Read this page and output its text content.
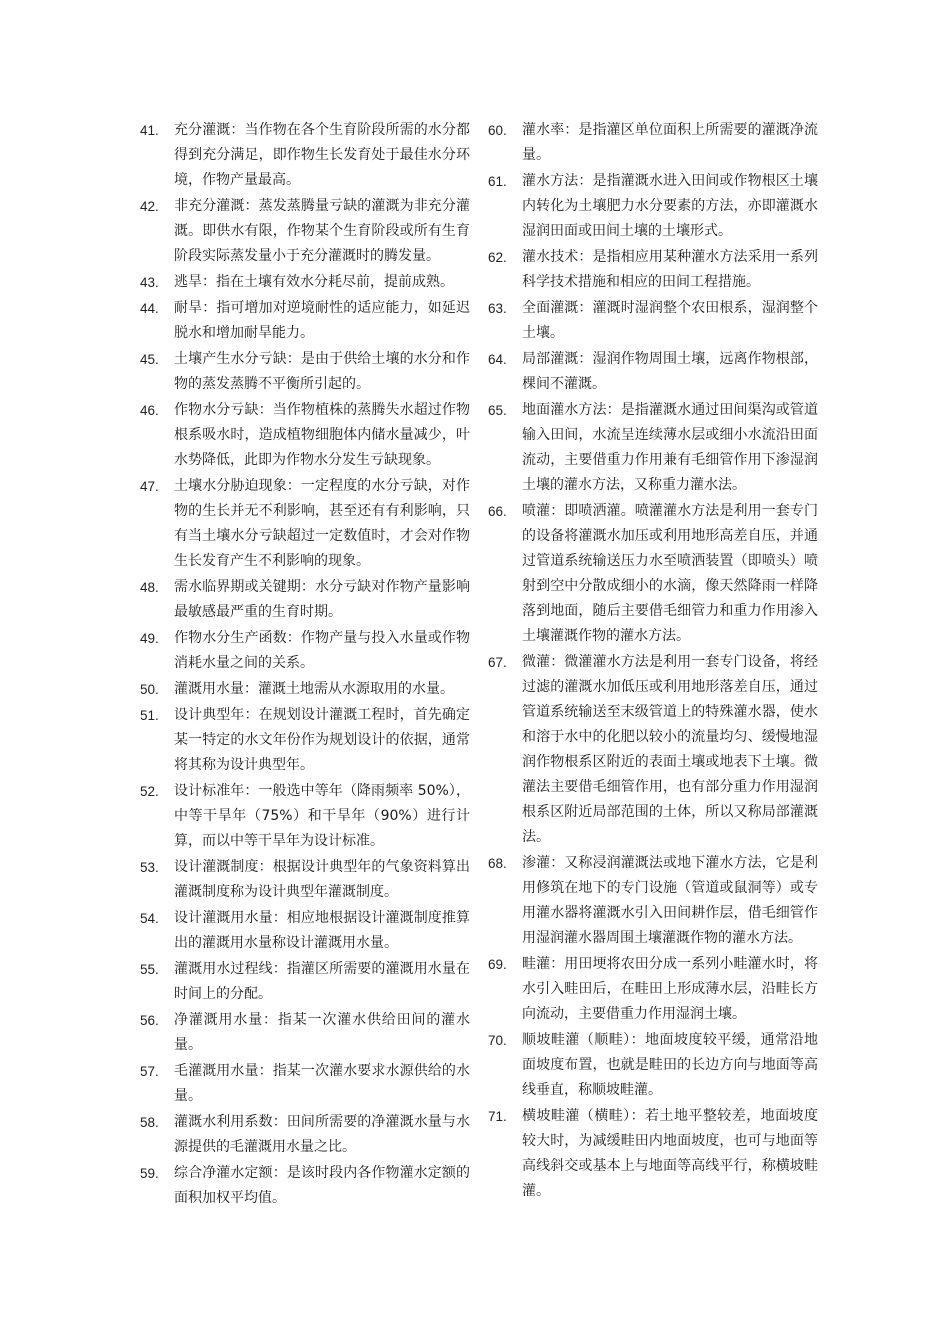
41.	充分灌溉：当作物在各个生育阶段所需的水分都得到充分满足，即作物生长发育处于最佳水分环境，作物产量最高。
42.	非充分灌溉：蒸发蒸腾量亏缺的灌溉为非充分灌溉。即供水有限，作物某个生育阶段或所有生育阶段实际蒸发量小于充分灌溉时的腾发量。
43.	逃旱：指在土壤有效水分耗尽前，提前成熟。
44.	耐旱：指可增加对逆境耐性的适应能力，如延迟脱水和增加耐旱能力。
45.	土壤产生水分亏缺：是由于供给土壤的水分和作物的蒸发蒸腾不平衡所引起的。
46.	作物水分亏缺：当作物植株的蒸腾失水超过作物根系吸水时，造成植物细胞体内储水量减少，叶水势降低，此即为作物水分发生亏缺现象。
47.	土壤水分胁迫现象：一定程度的水分亏缺，对作物的生长并无不利影响，甚至还有有利影响，只有当土壤水分亏缺超过一定数值时，才会对作物生长发育产生不利影响的现象。
48.	需水临界期或关键期：水分亏缺对作物产量影响最敏感最严重的生育时期。
49.	作物水分生产函数：作物产量与投入水量或作物消耗水量之间的关系。
50.	灌溉用水量：灌溉土地需从水源取用的水量。
51.	设计典型年：在规划设计灌溉工程时，首先确定某一特定的水文年份作为规划设计的依据，通常将其称为设计典型年。
52.	设计标准年：一般选中等年（降雨频率 50%），中等干旱年（75%）和干旱年（90%）进行计算，而以中等干旱年为设计标准。
53.	设计灌溉制度：根据设计典型年的气象资料算出灌溉制度称为设计典型年灌溉制度。
54.	设计灌溉用水量：相应地根据设计灌溉制度推算出的灌溉用水量称设计灌溉用水量。
55.	灌溉用水过程线：指灌区所需要的灌溉用水量在时间上的分配。
56.	净灌溉用水量：指某一次灌水供给田间的灌水量。
57.	毛灌溉用水量：指某一次灌水要求水源供给的水量。
58.	灌溉水利用系数：田间所需要的净灌溉水量与水源提供的毛灌溉用水量之比。
59.	综合净灌水定额：是该时段内各作物灌水定额的面积加权平均值。
60.	灌水率：是指灌区单位面积上所需要的灌溉净流量。
61.	灌水方法：是指灌溉水进入田间或作物根区土壤内转化为土壤肥力水分要素的方法，亦即灌溉水湿润田面或田间土壤的土壤形式。
62.	灌水技术：是指相应用某种灌水方法采用一系列科学技术措施和相应的田间工程措施。
63.	全面灌溉：灌溉时湿润整个农田根系，湿润整个土壤。
64.	局部灌溉：湿润作物周围土壤，远离作物根部，棵间不灌溉。
65.	地面灌水方法：是指灌溉水通过田间渠沟或管道输入田间，水流呈连续薄水层或细小水流沿田面流动，主要借重力作用兼有毛细管作用下渗湿润土壤的灌水方法，又称重力灌水法。
66.	喷灌：即喷洒灌。喷灌灌水方法是利用一套专门的设备将灌溉水加压或利用地形高差自压，并通过管道系统输送压力水至喷洒装置（即喷头）喷射到空中分散成细小的水滴，像天然降雨一样降落到地面，随后主要借毛细管力和重力作用渗入土壤灌溉作物的灌水方法。
67.	微灌：微灌灌水方法是利用一套专门设备，将经过滤的灌溉水加低压或利用地形落差自压，通过管道系统输送至末级管道上的特殊灌水器，使水和溶于水中的化肥以较小的流量均匀、缓慢地湿润作物根系区附近的表面土壤或地表下土壤。微灌法主要借毛细管作用，也有部分重力作用湿润根系区附近局部范围的土体，所以又称局部灌溉法。
68.	渗灌：又称浸润灌溉法或地下灌水方法，它是利用修筑在地下的专门设施（管道或鼠洞等）或专用灌水器将灌溉水引入田间耕作层，借毛细管作用湿润灌水器周围土壤灌溉作物的灌水方法。
69.	畦灌：用田埂将农田分成一系列小畦灌水时，将水引入畦田后，在畦田上形成薄水层，沿畦长方向流动，主要借重力作用湿润土壤。
70.	顺坡畦灌（顺畦）：地面坡度较平缓，通常沿地面坡度布置，也就是畦田的长边方向与地面等高线垂直，称顺坡畦灌。
71.	横坡畦灌（横畦）：若土地平整较差，地面坡度较大时，为减缓畦田内地面坡度，也可与地面等高线斜交或基本上与地面等高线平行，称横坡畦灌。
